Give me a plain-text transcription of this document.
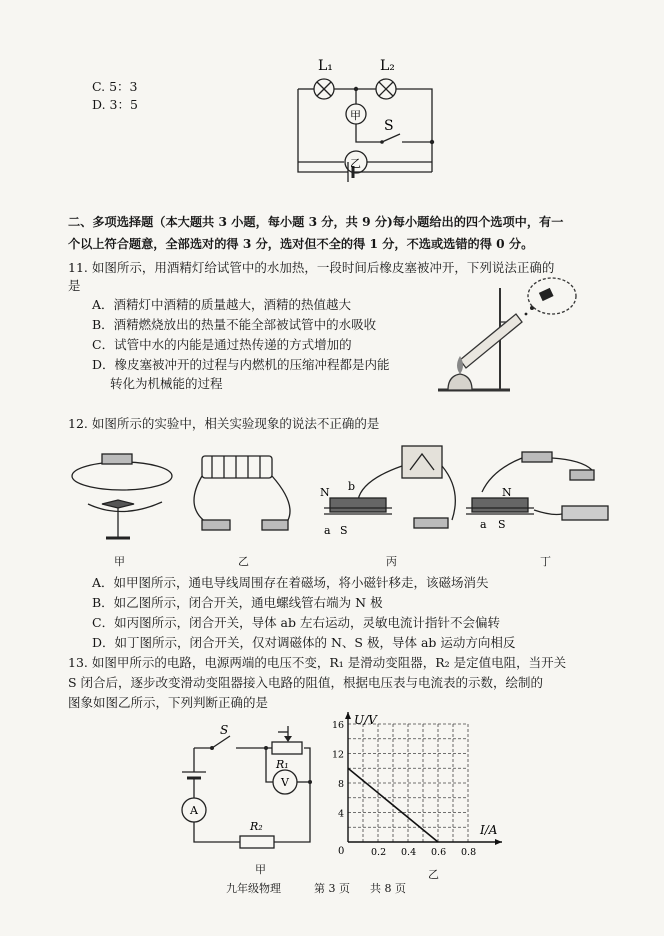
C. 5：3
D. 3：5
L₁	L₂
甲
S
乙
二、多项选择题（本大题共 3 小题，每小题 3 分，共 9 分)每小题给出的四个选项中，有一
个以上符合题意，全部选对的得 3 分，选对但不全的得 1 分，不选或选错的得 0 分。
11. 如图所示，用酒精灯给试管中的水加热，一段时间后橡皮塞被冲开，下列说法正确的
是
A．酒精灯中酒精的质量越大，酒精的热值越大
B．酒精燃烧放出的热量不能全部被试管中的水吸收
C．试管中水的内能是通过热传递的方式增加的
D．橡皮塞被冲开的过程与内燃机的压缩冲程都是内能
转化为机械能的过程
12. 如图所示的实验中，相关实验现象的说法不正确的是
N b
a S
N
a S
甲	乙	丙	丁
A．如甲图所示，通电导线周围存在着磁场，将小磁针移走，该磁场消失
B．如乙图所示，闭合开关，通电螺线管右端为 N 极
C．如丙图所示，闭合开关，导体 ab 左右运动，灵敏电流计指针不会偏转
D．如丁图所示，闭合开关，仅对调磁体的 N、S 极，导体 ab 运动方向相反
13. 如图甲所示的电路，电源两端的电压不变，R₁ 是滑动变阻器，R₂ 是定值电阻，当开关
S 闭合后，逐步改变滑动变阻器接入电路的阻值，根据电压表与电流表的示数，绘制的
图象如图乙所示，下列判断正确的是
S
R₁
V
A
R₂
甲
0.2 0.4 0.6 0.8
4
8
12
16 U/V
I/A
0
乙
九年级物理	第 3 页 共 8 页
